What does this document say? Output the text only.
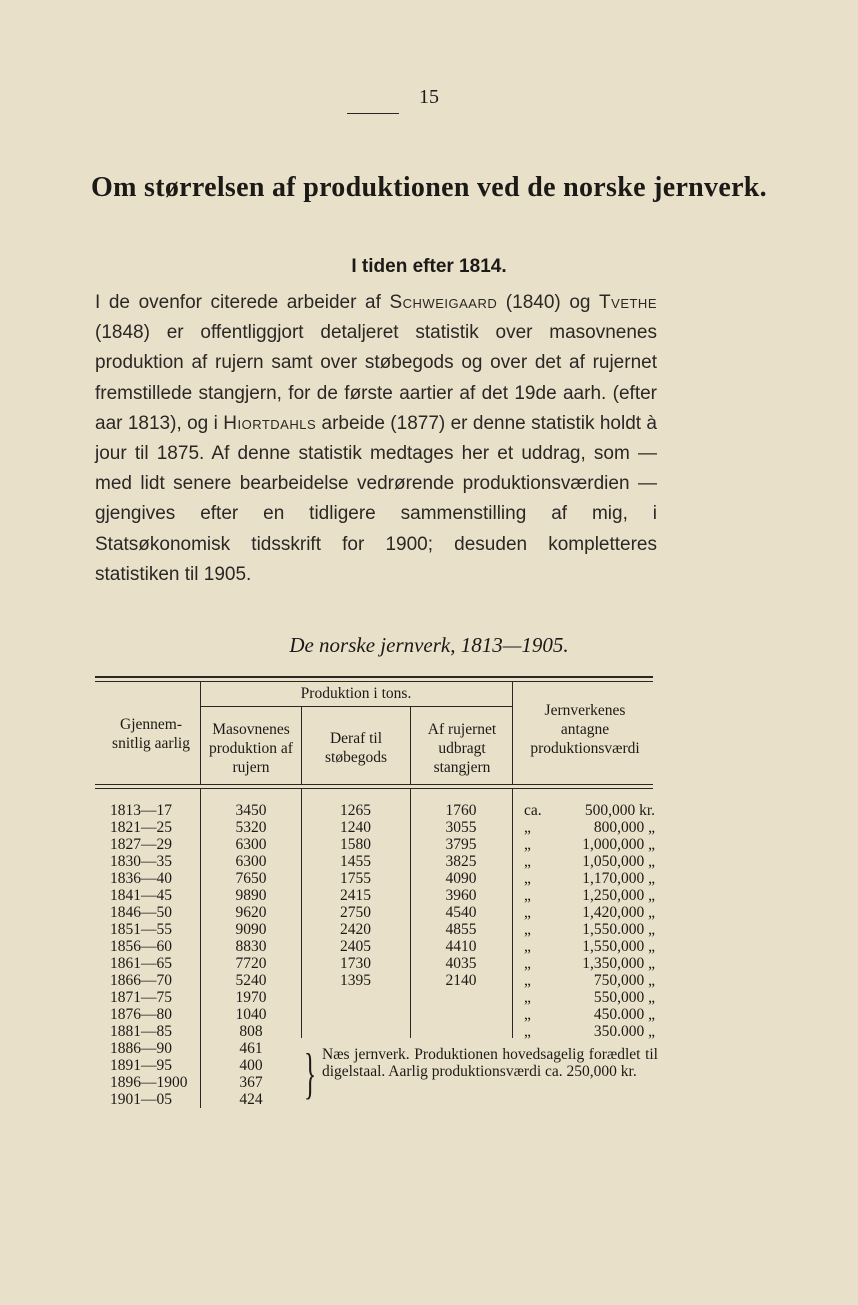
15
Om størrelsen af produktionen ved de norske jernverk.
I tiden efter 1814.
I de ovenfor citerede arbeider af Schweigaard (1840) og Tvethe (1848) er offentliggjort detaljeret statistik over masovnenes produktion af rujern samt over støbegods og over det af rujernet fremstillede stangjern, for de første aartier af det 19de aarh. (efter aar 1813), og i Hiortdahls arbeide (1877) er denne statistik holdt à jour til 1875. Af denne statistik medtages her et uddrag, som — med lidt senere bearbeidelse vedrørende produktionsværdien — gjengives efter en tidligere sammenstilling af mig, i Statsøkonomisk tidsskrift for 1900; desuden kompletteres statistiken til 1905.
De norske jernverk, 1813—1905.
Produktion i tons.
Gjennem-snitlig aarlig
Masovnenes produktion af rujern
Deraf til støbegods
Af rujernet udbragt stangjern
Jernverkenes antagne produktionsværdi
1813—17
1821—25
1827—29
1830—35
1836—40
1841—45
1846—50
1851—55
1856—60
1861—65
1866—70
1871—75
1876—80
1881—85
1886—90
1891—95
1896—1900
1901—05
3450
5320
6300
6300
7650
9890
9620
9090
8830
7720
5240
1970
1040
808
461
400
367
424
1265
1240
1580
1455
1755
2415
2750
2420
2405
1730
1395
1760
3055
3795
3825
4090
3960
4540
4855
4410
4035
2140
ca.
„
„
„
„
„
„
„
„
„
„
„
„
„
500,000 kr.
800,000 „
1,000,000 „
1,050,000 „
1,170,000 „
1,250,000 „
1,420,000 „
1,550.000 „
1,550,000 „
1,350,000 „
750,000 „
550,000 „
450.000 „
350.000 „
} Næs jernverk. Produktionen hovedsagelig forædlet til digelstaal. Aarlig produktionsværdi ca. 250,000 kr.
